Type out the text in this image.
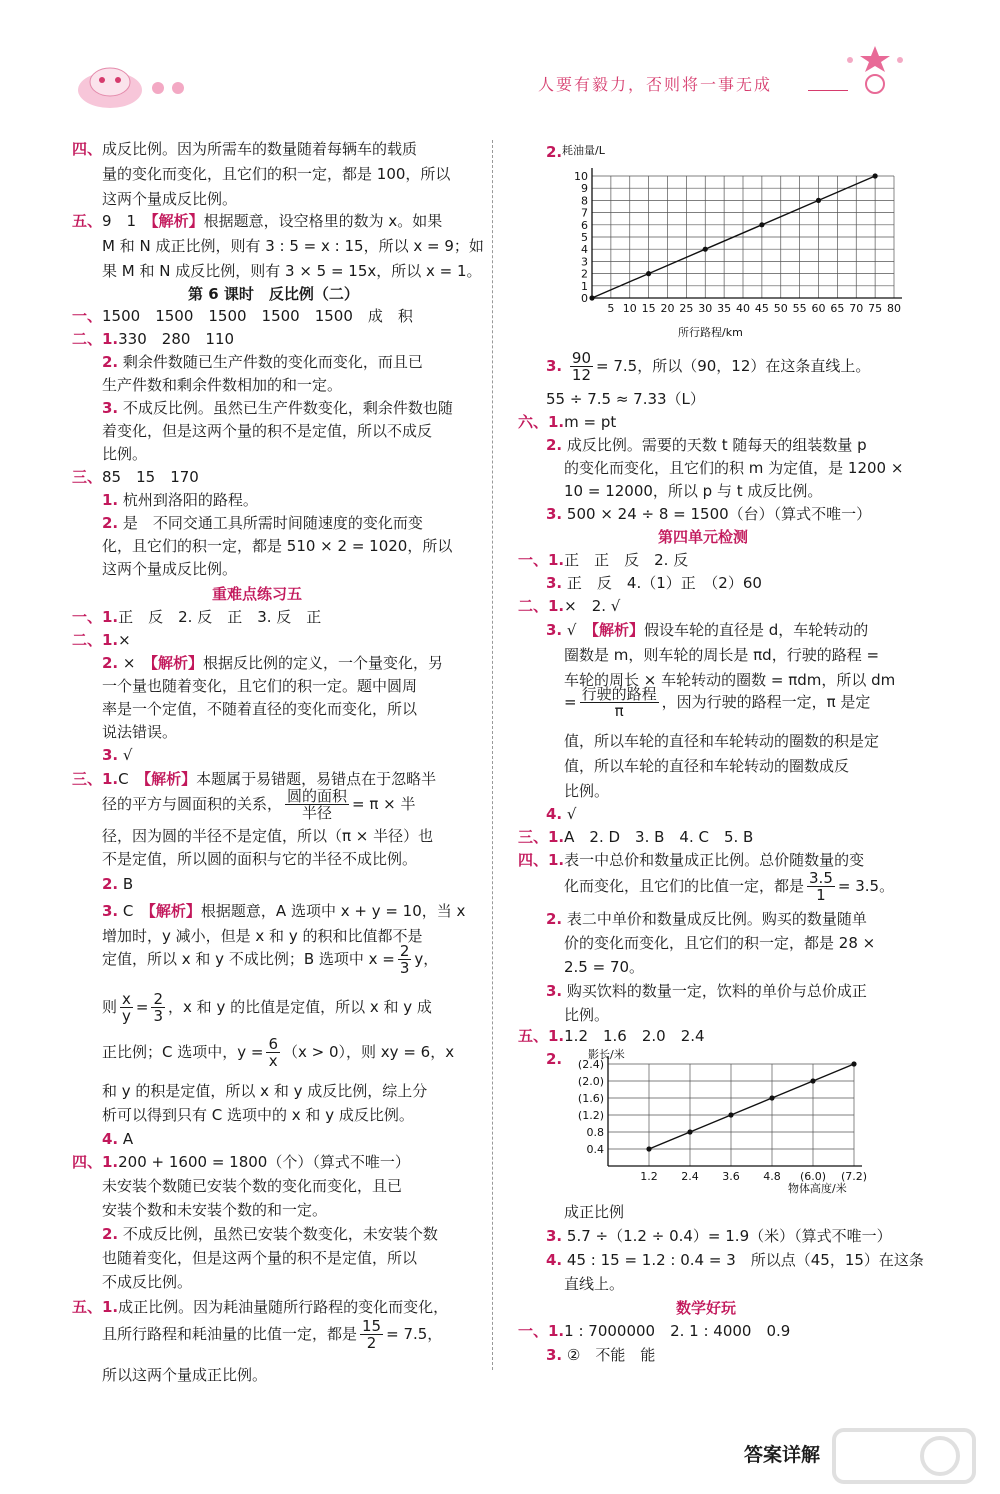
人要有毅力，否则将一事无成
四、成反比例。因为所需车的数量随着每辆车的载质
量的变化而变化，且它们的积一定，都是 100，所以
这两个量成反比例。
五、9　1　【解析】根据题意，设空格里的数为 x。如果
M 和 N 成正比例，则有 3 : 5 = x : 15，所以 x = 9；如
果 M 和 N 成反比例，则有 3 × 5 = 15x，所以 x = 1。
第 6 课时　反比例（二）
一、1500　1500　1500　1500　1500　成　积
二、1.330　280　110
2. 剩余件数随已生产件数的变化而变化，而且已
生产件数和剩余件数相加的和一定。
3. 不成反比例。虽然已生产件数变化，剩余件数也随
着变化，但是这两个量的积不是定值，所以不成反
比例。
三、85　15　170
1. 杭州到洛阳的路程。
2. 是　不同交通工具所需时间随速度的变化而变
化，且它们的积一定，都是 510 × 2 = 1020，所以
这两个量成反比例。
重难点练习五
一、1.正　反　2. 反　正　3. 反　正
二、1.×
2. ×　【解析】根据反比例的定义，一个量变化，另
一个量也随着变化，且它们的积一定。题中圆周
率是一个定值，不随着直径的变化而变化，所以
说法错误。
3. √
三、1.C　【解析】本题属于易错题，易错点在于忽略半
径的平方与圆面积的关系， $\frac{\text{圆的面积}}{\text{半径}} = \pi$ × 半
径，因为圆的半径不是定值，所以（π × 半径）也
不是定值，所以圆的面积与它的半径不成比例。
2. B
3. C　【解析】根据题意，A 选项中 x + y = 10，当 x
增加时，y 减小，但是 x 和 y 的积和比值都不是
定值，所以 x 和 y 不成比例；B 选项中 $x = \frac{2}{3}$ y，
则 $\frac{x}{y} = \frac{2}{3}$ ，x 和 y 的比值是定值，所以 x 和 y 成
正比例；C 选项中，$y = \frac{6}{x} (x > 0)$，则 xy = 6，x
和 y 的积是定值，所以 x 和 y 成反比例，综上分
析可以得到只有 C 选项中的 x 和 y 成反比例。
4. A
四、1.200 + 1600 = 1800（个）（算式不唯一）
未安装个数随已安装个数的变化而变化，且已
安装个数和未安装个数的和一定。
2. 不成反比例，虽然已安装个数变化，未安装个数
也随着变化，但是这两个量的积不是定值，所以
不成反比例。
五、1.成正比例。因为耗油量随所行路程的变化而变化，
且所行路程和耗油量的比值一定，都是 $\frac{15}{2} = 7.5$，
所以这两个量成正比例。
2.
5 10 15 20 25 30 35 40 45 50 55 60 65 70 75 80
1
2
3
4
5
6
7
8
9
10
0
耗油量/L
所行路程/km
3. $\frac{90}{12} = 7.5$，所以（90，12）在这条直线上。
55 ÷ 7.5 ≈ 7.33（L）
六、1.m = pt
2. 成反比例。需要的天数 t 随每天的组装数量 p
的变化而变化，且它们的积 m 为定值，是 1200 ×
10 = 12000，所以 p 与 t 成反比例。
3. 500 × 24 ÷ 8 = 1500（台）（算式不唯一）
第四单元检测
一、1.正　正　反　2. 反
3. 正　反　4.（1）正　（2）60
二、1.×　2. √
3. √　【解析】假设车轮的直径是 d，车轮转动的
圈数是 m，则车轮的周长是 πd，行驶的路程 =
车轮的周长 × 车轮转动的圈数 = πdm，所以 dm
= $\frac{\text{行驶的路程}}{\pi}$ ，因为行驶的路程一定，π 是定
值，所以车轮的直径和车轮转动的圈数的积是定
值，所以车轮的直径和车轮转动的圈数成反
比例。
4. √
三、1.A　2. D　3. B　4. C　5. B
四、1.表一中总价和数量成正比例。总价随数量的变
化而变化，且它们的比值一定，都是 $\frac{3.5}{1} = 3.5$。
2. 表二中单价和数量成反比例。购买的数量随单
价的变化而变化，且它们的积一定，都是 28 ×
2.5 = 70。
3. 购买饮料的数量一定，饮料的单价与总价成正
比例。
五、1.1.2　1.6　2.0　2.4
2.
1.2 2.4 3.6 4.8 (6.0) (7.2)
0.4
0.8
(1.2)
(1.6)
(2.0)
(2.4)
影长/米
物体高度/米
成正比例
3. 5.7 ÷（1.2 ÷ 0.4）= 1.9（米）（算式不唯一）
4. 45 : 15 = 1.2 : 0.4 = 3　所以点（45，15）在这条
直线上。
数学好玩
一、1.1 : 7000000　2. 1 : 4000　0.9
3. ②　不能　能
答案详解
